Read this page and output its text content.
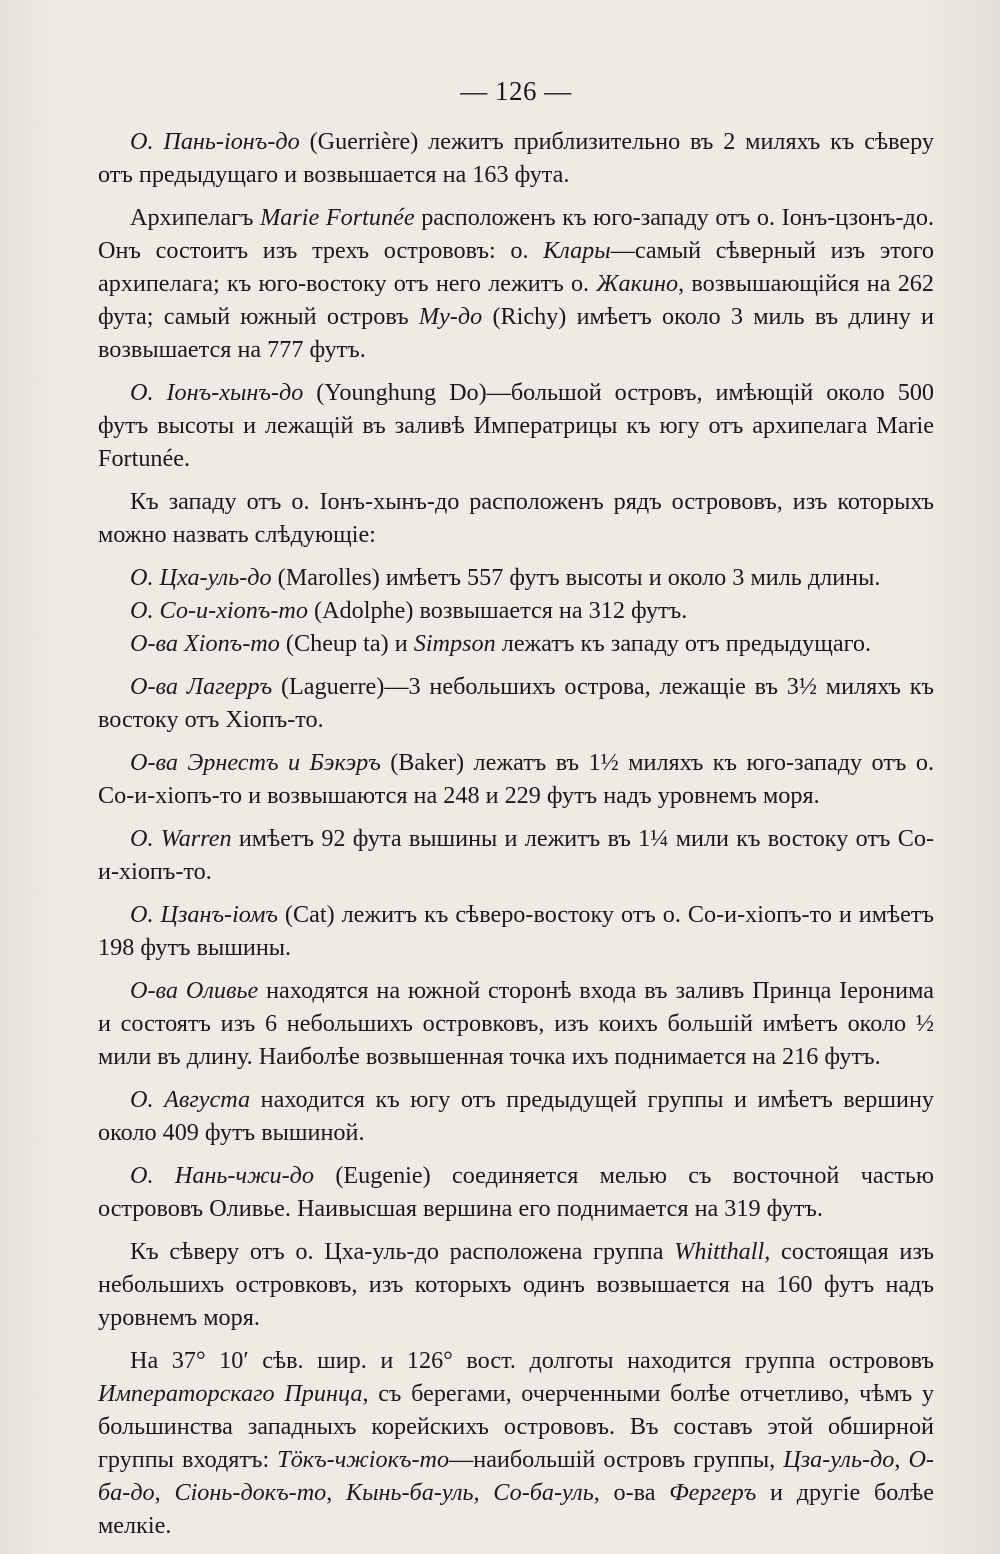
— 126 —

О. Пань-iонъ-до (Guerrière) лежитъ приблизительно въ 2 миляхъ къ сѣверу отъ предыдущаго и возвышается на 163 фута.

Архипелагъ Marie Fortunée расположенъ къ юго-западу отъ о. Iонъ-цзонъ-до. Онъ состоитъ изъ трехъ острововъ: о. Клары—самый сѣверный изъ этого архипелага; къ юго-востоку отъ него лежитъ о. Жакино, возвышающійся на 262 фута; самый южный островъ Му-до (Richy) имѣетъ около 3 миль въ длину и возвышается на 777 футъ.

О. Iонъ-хынъ-до (Younghung Do)—большой островъ, имѣющій около 500 футъ высоты и лежащій въ заливѣ Императрицы къ югу отъ архипелага Marie Fortunée.

Къ западу отъ о. Iонъ-хынъ-до расположенъ рядъ острововъ, изъ которыхъ можно назвать слѣдующіе:

О. Цха-уль-до (Marolles) имѣетъ 557 футъ высоты и около 3 миль длины.

О. Со-и-хiопъ-то (Adolphe) возвышается на 312 футъ.

О-ва Хiопъ-то (Cheup ta) и Simpson лежатъ къ западу отъ предыдущаго.

О-ва Лагерръ (Laguerre)—3 небольшихъ острова, лежащіе въ 3½ миляхъ къ востоку отъ Хiопъ-то.

О-ва Эрнестъ и Бэкэръ (Baker) лежатъ въ 1½ миляхъ къ юго-западу отъ о. Со-и-хiопъ-то и возвышаются на 248 и 229 футъ надъ уровнемъ моря.

О. Warren имѣетъ 92 фута вышины и лежитъ въ 1¼ мили къ востоку отъ Со-и-хiопъ-то.

О. Цзанъ-iомъ (Cat) лежитъ къ сѣверо-востоку отъ о. Со-и-хiопъ-то и имѣетъ 198 футъ вышины.

О-ва Оливье находятся на южной сторонѣ входа въ заливъ Принца Іеронима и состоятъ изъ 6 небольшихъ островковъ, изъ коихъ большій имѣетъ около ½ мили въ длину. Наиболѣе возвышенная точка ихъ поднимается на 216 футъ.

О. Августа находится къ югу отъ предыдущей группы и имѣетъ вершину около 409 футъ вышиной.

О. Нань-чжи-до (Eugenie) соединяется мелью съ восточной частью острововъ Оливье. Наивысшая вершина его поднимается на 319 футъ.

Къ сѣверу отъ о. Цха-уль-до расположена группа Whitthall, состоящая изъ небольшихъ островковъ, изъ которыхъ одинъ возвышается на 160 футъ надъ уровнемъ моря.

На 37° 10′ сѣв. шир. и 126° вост. долготы находится группа острововъ Императорскаго Принца, съ берегами, очерченными болѣе отчетливо, чѣмъ у большинства западныхъ корейскихъ острововъ. Въ составъ этой обширной группы входятъ: Тöкъ-чжiокъ-то—наибольшій островъ группы, Цза-уль-до, О-ба-до, Сiонь-докъ-то, Кынь-ба-уль, Со-ба-уль, о-ва Фергеръ и другіе болѣе мелкіе.
